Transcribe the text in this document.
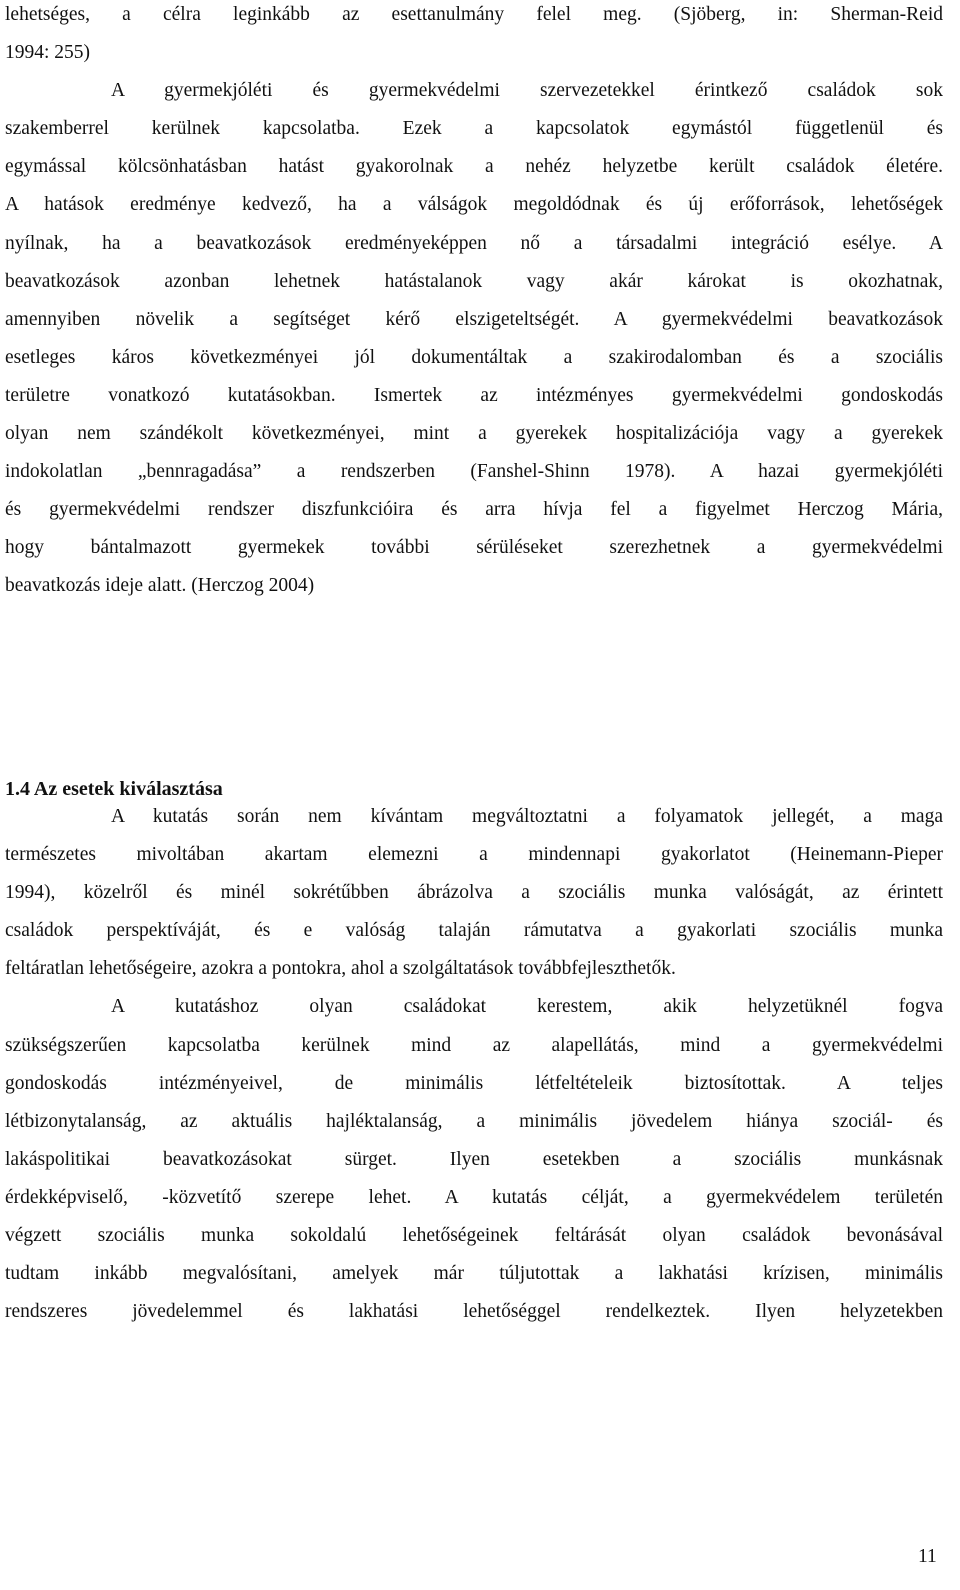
lehetséges, a célra leginkább az esettanulmány felel meg. (Sjöberg, in: Sherman-Reid
1994: 255)
A gyermekjóléti és gyermekvédelmi szervezetekkel érintkező családok sok
szakemberrel kerülnek kapcsolatba. Ezek a kapcsolatok egymástól függetlenül és
egymással kölcsönhatásban hatást gyakorolnak a nehéz helyzetbe került családok életére.
A hatások eredménye kedvező, ha a válságok megoldódnak és új erőforrások, lehetőségek
nyílnak, ha a beavatkozások eredményeképpen nő a társadalmi integráció esélye. A
beavatkozások azonban lehetnek hatástalanok vagy akár károkat is okozhatnak,
amennyiben növelik a segítséget kérő elszigeteltségét. A gyermekvédelmi beavatkozások
esetleges káros következményei jól dokumentáltak a szakirodalomban és a szociális
területre vonatkozó kutatásokban. Ismertek az intézményes gyermekvédelmi gondoskodás
olyan nem szándékolt következményei, mint a gyerekek hospitalizációja vagy a gyerekek
indokolatlan „bennragadása” a rendszerben (Fanshel-Shinn 1978). A hazai gyermekjóléti
és gyermekvédelmi rendszer diszfunkcióira és arra hívja fel a figyelmet Herczog Mária,
hogy bántalmazott gyermekek további sérüléseket szerezhetnek a gyermekvédelmi
beavatkozás ideje alatt. (Herczog 2004)
1.4 Az esetek kiválasztása
A kutatás során nem kívántam megváltoztatni a folyamatok jellegét, a maga
természetes mivoltában akartam elemezni a mindennapi gyakorlatot (Heinemann-Pieper
1994), közelről és minél sokrétűbben ábrázolva a szociális munka valóságát, az érintett
családok perspektíváját, és e valóság talaján rámutatva a gyakorlati szociális munka
feltáratlan lehetőségeire, azokra a pontokra, ahol a szolgáltatások továbbfejleszthetők.
A kutatáshoz olyan családokat kerestem, akik helyzetüknél fogva
szükségszerűen kapcsolatba kerülnek mind az alapellátás, mind a gyermekvédelmi
gondoskodás intézményeivel, de minimális létfeltételeik biztosítottak. A teljes
létbizonytalanság, az aktuális hajléktalanság, a minimális jövedelem hiánya szociál- és
lakáspolitikai beavatkozásokat sürget. Ilyen esetekben a szociális munkásnak
érdekképviselő, -közvetítő szerepe lehet. A kutatás célját, a gyermekvédelem területén
végzett szociális munka sokoldalú lehetőségeinek feltárását olyan családok bevonásával
tudtam inkább megvalósítani, amelyek már túljutottak a lakhatási krízisen, minimális
rendszeres jövedelemmel és lakhatási lehetőséggel rendelkeztek. Ilyen helyzetekben
11
